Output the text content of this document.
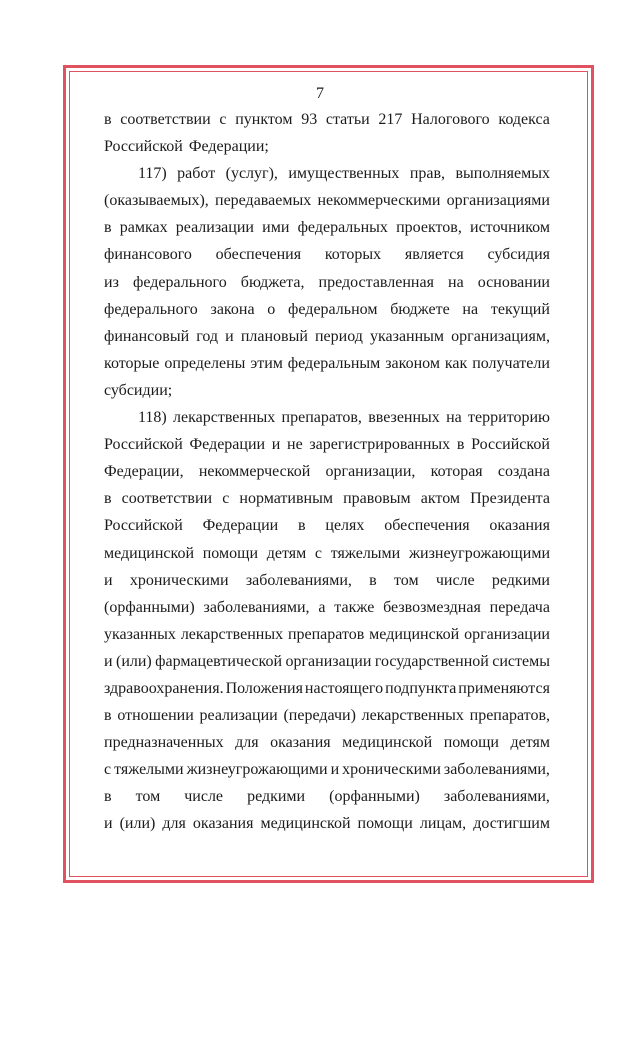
7
в соответствии с пунктом 93 статьи 217 Налогового кодекса
Российской Федерации;
117) работ (услуг), имущественных прав, выполняемых
(оказываемых), передаваемых некоммерческими организациями
в рамках реализации ими федеральных проектов, источником
финансового обеспечения которых является субсидия
из федерального бюджета, предоставленная на основании
федерального закона о федеральном бюджете на текущий
финансовый год и плановый период указанным организациям,
которые определены этим федеральным законом как получатели
субсидии;
118) лекарственных препаратов, ввезенных на территорию
Российской Федерации и не зарегистрированных в Российской
Федерации, некоммерческой организации, которая создана
в соответствии с нормативным правовым актом Президента
Российской Федерации в целях обеспечения оказания
медицинской помощи детям с тяжелыми жизнеугрожающими
и хроническими заболеваниями, в том числе редкими
(орфанными) заболеваниями, а также безвозмездная передача
указанных лекарственных препаратов медицинской организации
и (или) фармацевтической организации государственной системы
здравоохранения. Положения настоящего подпункта применяются
в отношении реализации (передачи) лекарственных препаратов,
предназначенных для оказания медицинской помощи детям
с тяжелыми жизнеугрожающими и хроническими заболеваниями,
в том числе редкими (орфанными) заболеваниями,
и (или) для оказания медицинской помощи лицам, достигшим
